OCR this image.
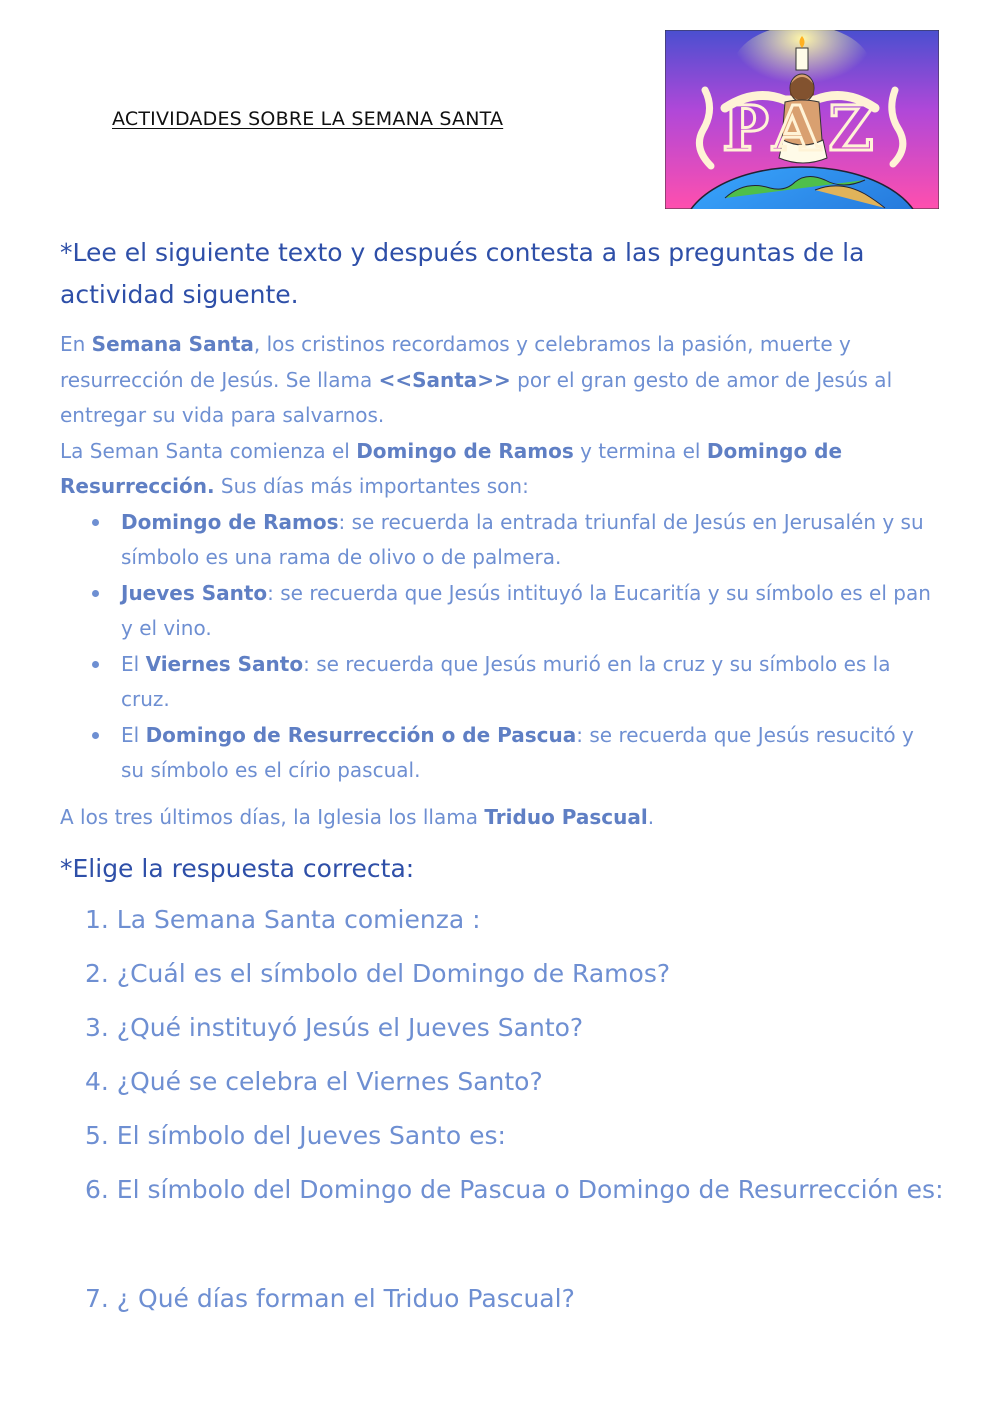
ACTIVIDADES SOBRE LA SEMANA SANTA	PAZ

*Lee el siguiente texto y después contesta a las preguntas de la actividad siguente.

En Semana Santa, los cristinos recordamos y celebramos la pasión, muerte y resurrección de Jesús. Se llama <<Santa>> por el gran gesto de amor de Jesús al entregar su vida para salvarnos.

La Seman Santa comienza el Domingo de Ramos y termina el Domingo de Resurrección. Sus días más importantes son:

Domingo de Ramos: se recuerda la entrada triunfal de Jesús en Jerusalén y su símbolo es una rama de olivo o de palmera.
Jueves Santo: se recuerda que Jesús intituyó la Eucaritía y su símbolo es el pan y el vino.
El Viernes Santo: se recuerda que Jesús murió en la cruz y su símbolo es la cruz.
El Domingo de Resurrección o de Pascua: se recuerda que Jesús resucitó y su símbolo es el círio pascual.

A los tres últimos días, la Iglesia los llama Triduo Pascual.

*Elige la respuesta correcta:

1. La Semana Santa comienza :
2. ¿Cuál es el símbolo del Domingo de Ramos?
3. ¿Qué instituyó Jesús el Jueves Santo?
4. ¿Qué se celebra el Viernes Santo?
5. El símbolo del Jueves Santo es:
6. El símbolo del Domingo de Pascua o Domingo de Resurrección es:
7. ¿ Qué días forman el Triduo Pascual?
